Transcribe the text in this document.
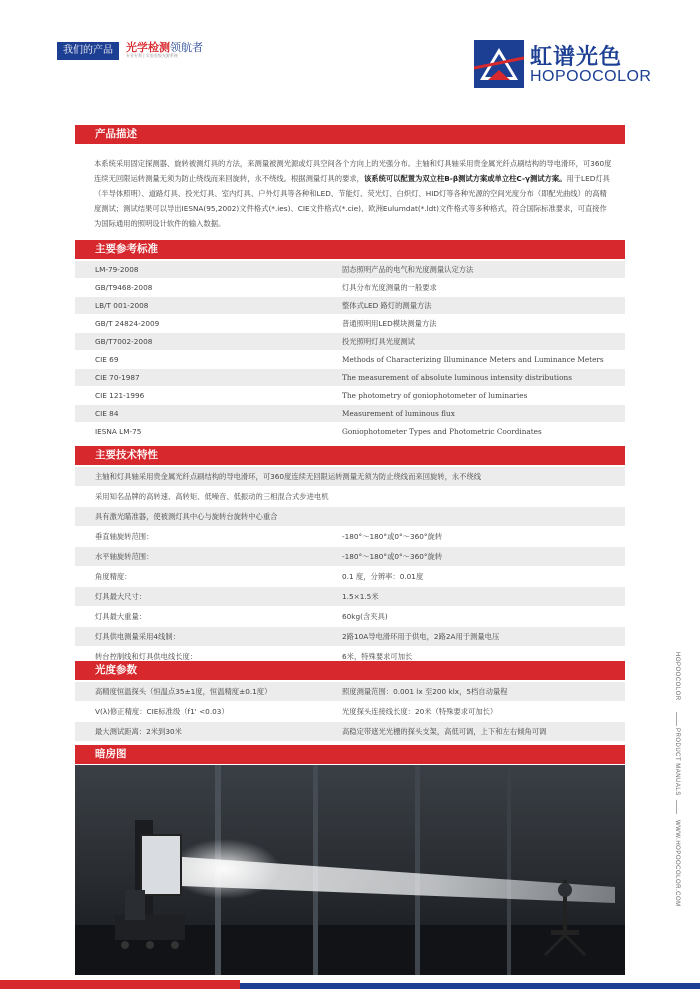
我们的产品	光学检测领航者
专业专利 | 实验室级光源系统	虹谱光色
HOPOOCOLOR
产品描述
本系统采用固定探测器、旋转被测灯具的方法，来测量被测光源或灯具空间各个方向上的光强分布。主轴和灯具轴采用贵金属光纤点刷结构的导电滑环，可360度连续无回限运转测量无须为防止绕线而来回旋转，永不绕线。根据测量灯具的要求，该系统可以配置为双立柱B-β测试方案或单立柱C-γ测试方案。用于LED灯具（半导体照明）、道路灯具、投光灯具、室内灯具、户外灯具等各种和LED、节能灯、荧光灯、白炽灯、HID灯等各种光源的空间光度分布（即配光曲线）的高精度测试；测试结果可以导出IESNA(95,2002)文件格式(*.ies)、CIE文件格式(*.cie)、欧洲Eulumdat(*.ldt)文件格式等多种格式，符合国际标准要求，可直接作为国际通用的照明设计软件的输入数据。
主要参考标准
LM-79-2008	固态照明产品的电气和光度测量认定方法
GB/T9468-2008	灯具分布光度测量的一般要求
LB/T 001-2008	整体式LED 路灯的测量方法
GB/T 24824-2009	普通照明用LED模块测量方法
GB/T7002-2008	投光照明灯具光度测试
CIE 69	Methods of Characterizing Illuminance Meters and Luminance Meters
CIE 70-1987	The measurement of absolute luminous intensity distributions
CIE 121-1996	The photometry of goniophotometer of luminaries
CIE 84	Measurement of luminous flux
IESNA LM-75	Goniophotometer Types and Photometric Coordinates
主要技术特性
主轴和灯具轴采用贵金属光纤点刷结构的导电滑环，可360度连续无回限运转测量无须为防止绕线而来回旋转，永不绕线
采用知名品牌的高转速、高转矩、低噪音、低振动的三相混合式步进电机
具有激光瞄准器，使被测灯具中心与旋转台旋转中心重合
垂直轴旋转范围：	-180°～180°或0°～360°旋转
水平轴旋转范围：	-180°～180°或0°～360°旋转
角度精度：	0.1 度，分辨率：0.01度
灯具最大尺寸：	1.5×1.5米
灯具最大重量：	60kg(含夹具)
灯具供电测量采用4线制：	2路10A导电滑环用于供电，2路2A用于测量电压
转台控制线和灯具供电线长度：	6米，特殊要求可加长
光度参数
高精度恒温探头（恒温点35±1度，恒温精度±0.1度）	照度测量范围：0.001 lx 至200 klx，5档自动量程
V(λ)修正精度：CIE标准级（f1' <0.03）	光度探头连接线长度：20米（特殊要求可加长）
最大测试距离：2米到30米	高稳定带遮光光栅的探头支架，高低可调，上下和左右倾角可调
暗房图
HOPOOCOLOR
PRODUCT MANUALS
WWW.HOPOOCOLOR.COM
